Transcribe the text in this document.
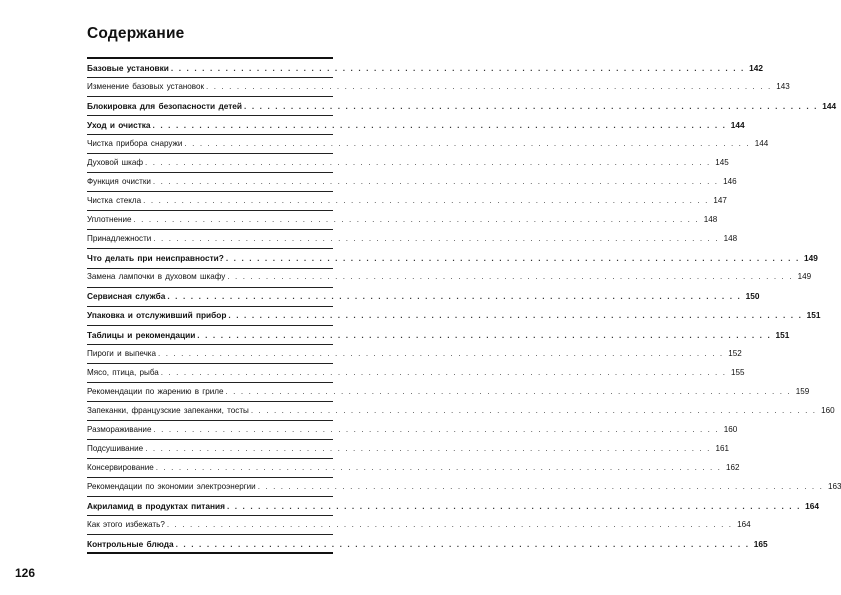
Содержание
Базовые установки . . . . . . . . . . . . . . . . . . . . . . . . . . . . . . . . . . . . . . . . . . . . . . . . . . . . . . . . . . . . . . . . . . . . . . . . . . 142
Изменение базовых установок . . . . . . . . . . . . . . . . . . . . . . . . . . . . . . . . . . . . . . . . . . . . . . . . . . . . . . . . . . . . . . . . . . . . . . . . . . 143
Блокировка для безопасности детей . . . . . . . . . . . . . . . . . . . . . . . . . . . . . . . . . . . . . . . . . . . . . . . . . . . . . . . . . . . . . . . . . . . . . . . . . . 144
Уход и очистка . . . . . . . . . . . . . . . . . . . . . . . . . . . . . . . . . . . . . . . . . . . . . . . . . . . . . . . . . . . . . . . . . . . . . . . . . . 144
Чистка прибора снаружи . . . . . . . . . . . . . . . . . . . . . . . . . . . . . . . . . . . . . . . . . . . . . . . . . . . . . . . . . . . . . . . . . . . . . . . . . . 144
Духовой шкаф . . . . . . . . . . . . . . . . . . . . . . . . . . . . . . . . . . . . . . . . . . . . . . . . . . . . . . . . . . . . . . . . . . . . . . . . . . 145
Функция очистки . . . . . . . . . . . . . . . . . . . . . . . . . . . . . . . . . . . . . . . . . . . . . . . . . . . . . . . . . . . . . . . . . . . . . . . . . . 146
Чистка стекла . . . . . . . . . . . . . . . . . . . . . . . . . . . . . . . . . . . . . . . . . . . . . . . . . . . . . . . . . . . . . . . . . . . . . . . . . . 147
Уплотнение . . . . . . . . . . . . . . . . . . . . . . . . . . . . . . . . . . . . . . . . . . . . . . . . . . . . . . . . . . . . . . . . . . . . . . . . . . 148
Принадлежности . . . . . . . . . . . . . . . . . . . . . . . . . . . . . . . . . . . . . . . . . . . . . . . . . . . . . . . . . . . . . . . . . . . . . . . . . . 148
Что делать при неисправности? . . . . . . . . . . . . . . . . . . . . . . . . . . . . . . . . . . . . . . . . . . . . . . . . . . . . . . . . . . . . . . . . . . . . . . . . . . 149
Замена лампочки в духовом шкафу . . . . . . . . . . . . . . . . . . . . . . . . . . . . . . . . . . . . . . . . . . . . . . . . . . . . . . . . . . . . . . . . . . . . . . . . . . 149
Сервисная служба . . . . . . . . . . . . . . . . . . . . . . . . . . . . . . . . . . . . . . . . . . . . . . . . . . . . . . . . . . . . . . . . . . . . . . . . . . 150
Упаковка и отслуживший прибор . . . . . . . . . . . . . . . . . . . . . . . . . . . . . . . . . . . . . . . . . . . . . . . . . . . . . . . . . . . . . . . . . . . . . . . . . . 151
Таблицы и рекомендации . . . . . . . . . . . . . . . . . . . . . . . . . . . . . . . . . . . . . . . . . . . . . . . . . . . . . . . . . . . . . . . . . . . . . . . . . . 151
Пироги и выпечка . . . . . . . . . . . . . . . . . . . . . . . . . . . . . . . . . . . . . . . . . . . . . . . . . . . . . . . . . . . . . . . . . . . . . . . . . . 152
Мясо, птица, рыба . . . . . . . . . . . . . . . . . . . . . . . . . . . . . . . . . . . . . . . . . . . . . . . . . . . . . . . . . . . . . . . . . . . . . . . . . . 155
Рекомендации по жарению в гриле . . . . . . . . . . . . . . . . . . . . . . . . . . . . . . . . . . . . . . . . . . . . . . . . . . . . . . . . . . . . . . . . . . . . . . . . . . 159
Запеканки, французские запеканки, тосты . . . . . . . . . . . . . . . . . . . . . . . . . . . . . . . . . . . . . . . . . . . . . . . . . . . . . . . . . . . . . . . . . . . . . . . . . . 160
Размораживание . . . . . . . . . . . . . . . . . . . . . . . . . . . . . . . . . . . . . . . . . . . . . . . . . . . . . . . . . . . . . . . . . . . . . . . . . . 160
Подсушивание . . . . . . . . . . . . . . . . . . . . . . . . . . . . . . . . . . . . . . . . . . . . . . . . . . . . . . . . . . . . . . . . . . . . . . . . . . 161
Консервирование . . . . . . . . . . . . . . . . . . . . . . . . . . . . . . . . . . . . . . . . . . . . . . . . . . . . . . . . . . . . . . . . . . . . . . . . . . 162
Рекомендации по экономии электроэнергии . . . . . . . . . . . . . . . . . . . . . . . . . . . . . . . . . . . . . . . . . . . . . . . . . . . . . . . . . . . . . . . . . . . . . . . . . . 163
Акриламид в продуктах питания . . . . . . . . . . . . . . . . . . . . . . . . . . . . . . . . . . . . . . . . . . . . . . . . . . . . . . . . . . . . . . . . . . . . . . . . . . 164
Как этого избежать? . . . . . . . . . . . . . . . . . . . . . . . . . . . . . . . . . . . . . . . . . . . . . . . . . . . . . . . . . . . . . . . . . . . . . . . . . . 164
Контрольные блюда . . . . . . . . . . . . . . . . . . . . . . . . . . . . . . . . . . . . . . . . . . . . . . . . . . . . . . . . . . . . . . . . . . . . . . . . . . 165
126
